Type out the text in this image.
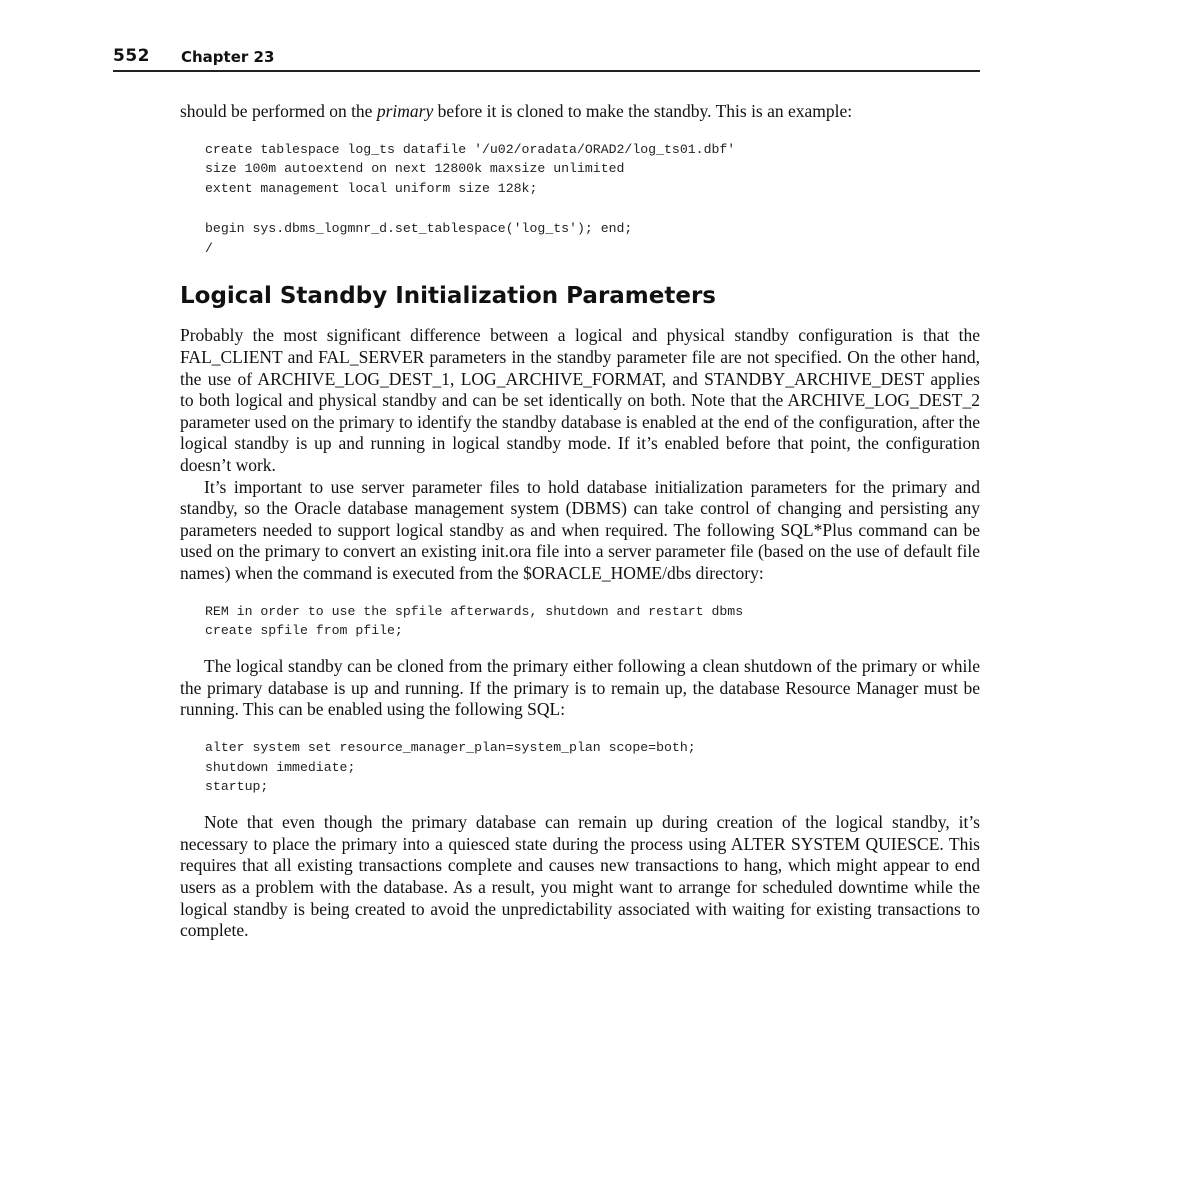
552 Chapter 23

should be performed on the primary before it is cloned to make the standby. This is an example:

create tablespace log_ts datafile '/u02/oradata/ORAD2/log_ts01.dbf'
size 100m autoextend on next 12800k maxsize unlimited
extent management local uniform size 128k;

begin sys.dbms_logmnr_d.set_tablespace('log_ts'); end;
/
Logical Standby Initialization Parameters

Probably the most significant difference between a logical and physical standby configuration is that the FAL_CLIENT and FAL_SERVER parameters in the standby parameter file are not specified. On the other hand, the use of ARCHIVE_LOG_DEST_1, LOG_ARCHIVE_FORMAT, and STANDBY_ARCHIVE_DEST applies to both logical and physical standby and can be set identically on both. Note that the ARCHIVE_LOG_DEST_2 parameter used on the primary to identify the standby database is enabled at the end of the configuration, after the logical standby is up and running in logical standby mode. If it’s enabled before that point, the configuration doesn’t work.

It’s important to use server parameter files to hold database initialization parameters for the primary and standby, so the Oracle database management system (DBMS) can take control of changing and persisting any parameters needed to support logical standby as and when required. The following SQL*Plus command can be used on the primary to convert an existing init.ora file into a server parameter file (based on the use of default file names) when the command is executed from the $ORACLE_HOME/dbs directory:

REM in order to use the spfile afterwards, shutdown and restart dbms
create spfile from pfile;

The logical standby can be cloned from the primary either following a clean shutdown of the primary or while the primary database is up and running. If the primary is to remain up, the database Resource Manager must be running. This can be enabled using the following SQL:

alter system set resource_manager_plan=system_plan scope=both;
shutdown immediate;
startup;

Note that even though the primary database can remain up during creation of the logical standby, it’s necessary to place the primary into a quiesced state during the process using ALTER SYSTEM QUIESCE. This requires that all existing transactions complete and causes new transactions to hang, which might appear to end users as a problem with the database. As a result, you might want to arrange for scheduled downtime while the logical standby is being created to avoid the unpredictability associated with waiting for existing transactions to complete.
